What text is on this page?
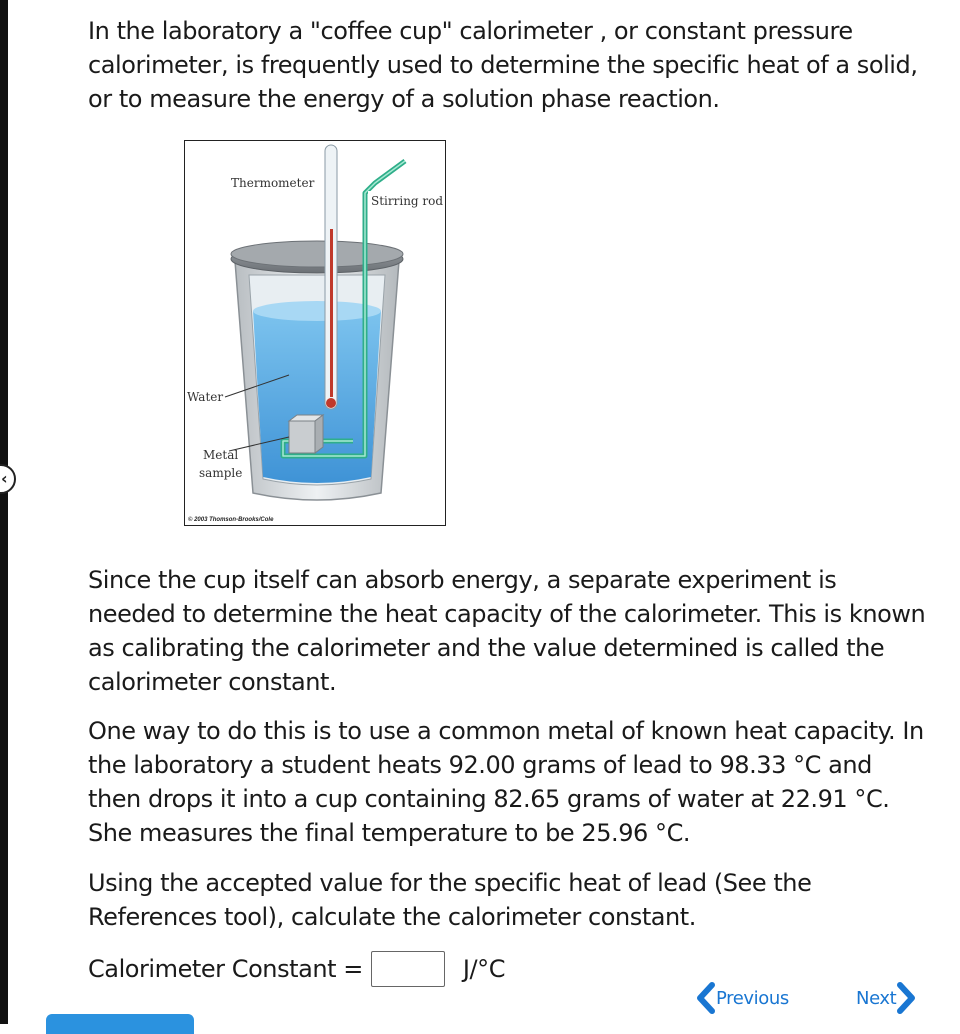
‹

In the laboratory a "coffee cup" calorimeter , or constant pressure calorimeter, is frequently used to determine the specific heat of a solid, or to measure the energy of a solution phase reaction.

Thermometer
Stirring rod
Water
Metal
sample
© 2003 Thomson-Brooks/Cole

Since the cup itself can absorb energy, a separate experiment is needed to determine the heat capacity of the calorimeter. This is known as calibrating the calorimeter and the value determined is called the calorimeter constant.

One way to do this is to use a common metal of known heat capacity. In the laboratory a student heats 92.00 grams of lead to 98.33 °C and then drops it into a cup containing 82.65 grams of water at 22.91 °C. She measures the final temperature to be 25.96 °C.

Using the accepted value for the specific heat of lead (See the References tool), calculate the calorimeter constant.

Calorimeter Constant =	J/°C
Previous	Next
